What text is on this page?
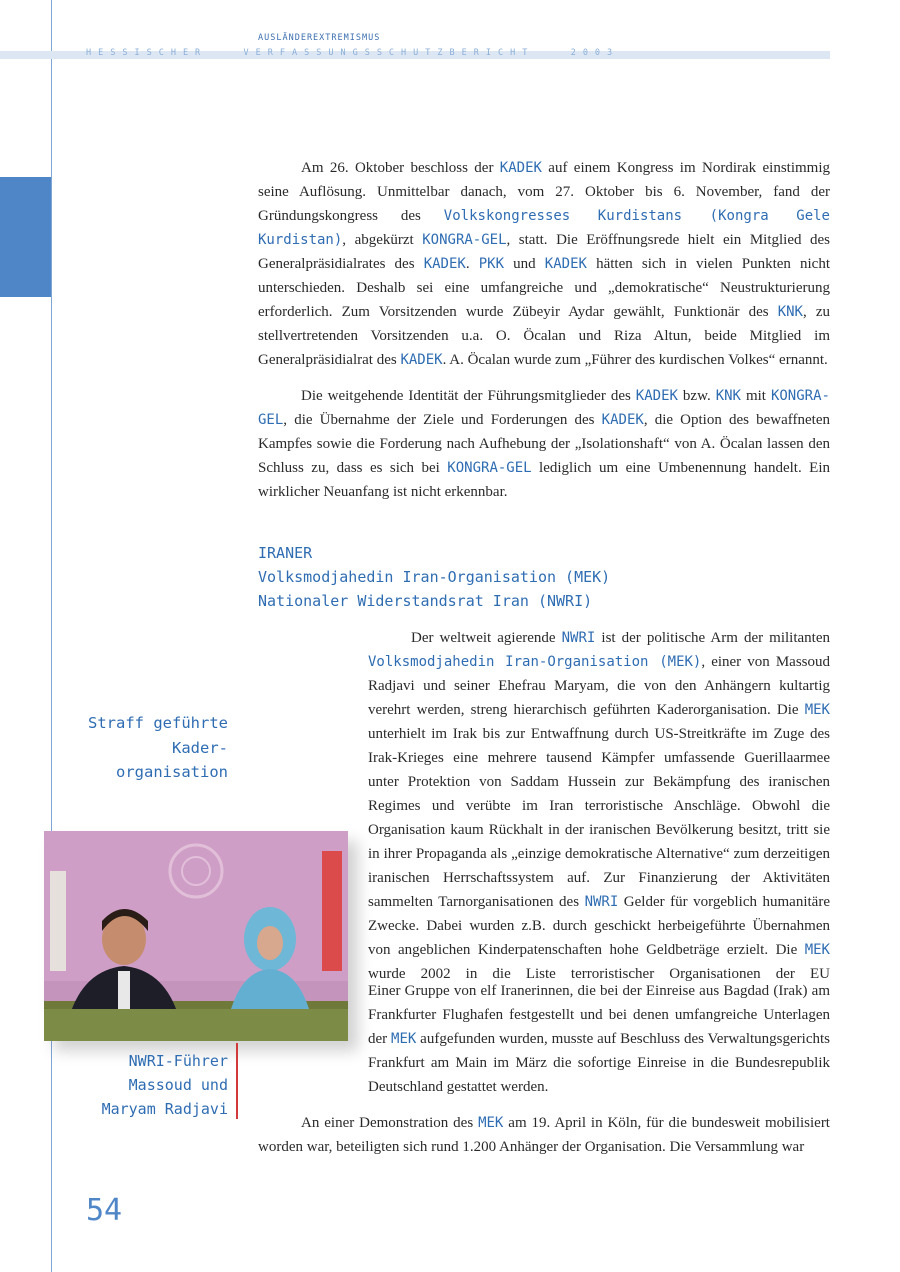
AUSLÄNDEREXTREMISMUS
HESSISCHER   VERFASSUNGSSCHUTZBERICHT   2003

Am 26. Oktober beschloss der KADEK auf einem Kongress im Nordirak einstimmig seine Auflösung. Unmittelbar danach, vom 27. Oktober bis 6. November, fand der Gründungskongress des Volkskongresses Kurdistans (Kongra Gele Kurdistan), abgekürzt KONGRA-GEL, statt. Die Eröffnungsrede hielt ein Mitglied des Generalpräsidialrates des KADEK. PKK und KADEK hätten sich in vielen Punkten nicht unterschieden. Deshalb sei eine umfangreiche und „demokratische“ Neustrukturierung erforderlich. Zum Vorsitzenden wurde Zübeyir Aydar gewählt, Funktionär des KNK, zu stellvertretenden Vorsitzenden u.a. O. Öcalan und Riza Altun, beide Mitglied im Generalpräsidialrat des KADEK. A. Öcalan wurde zum „Führer des kurdischen Volkes“ ernannt.

Die weitgehende Identität der Führungsmitglieder des KADEK bzw. KNK mit KONGRA-GEL, die Übernahme der Ziele und Forderungen des KADEK, die Option des bewaffneten Kampfes sowie die Forderung nach Aufhebung der „Isolationshaft“ von A. Öcalan lassen den Schluss zu, dass es sich bei KONGRA-GEL lediglich um eine Umbenennung handelt. Ein wirklicher Neuanfang ist nicht erkennbar.

IRANER
Volksmodjahedin Iran-Organisation (MEK)
Nationaler Widerstandsrat Iran (NWRI)

Der weltweit agierende NWRI ist der politische Arm der militanten Volksmodjahedin Iran-Organisation (MEK), einer von Massoud Radjavi und seiner Ehefrau Maryam, die von den Anhängern kultartig verehrt werden, streng hierarchisch geführten Kaderorganisation. Die MEK unterhielt im Irak bis zur Entwaffnung durch US-Streitkräfte im Zuge des Irak-Krieges eine mehrere tausend Kämpfer umfassende Guerillaarmee unter Protektion von Saddam Hussein zur Bekämpfung des iranischen Regimes und verübte im Iran terroristische Anschläge. Obwohl die Organisation kaum Rückhalt in der iranischen Bevölkerung besitzt, tritt sie in ihrer Propaganda als „einzige demokratische Alternative“ zum derzeitigen iranischen Herrschaftssystem auf. Zur Finanzierung der Aktivitäten sammelten Tarnorganisationen des NWRI Gelder für vorgeblich humanitäre Zwecke. Dabei wurden z.B. durch geschickt herbeigeführte Übernahmen von angeblichen Kinderpatenschaften hohe Geldbeträge erzielt. Die MEK wurde 2002 in die Liste terroristischer Organisationen der EU

Straff geführte
Kader-
organisation
NWRI-Führer
Massoud und
Maryam Radjavi

Einer Gruppe von elf Iranerinnen, die bei der Einreise aus Bagdad (Irak) am Frankfurter Flughafen festgestellt und bei denen umfangreiche Unterlagen der MEK aufgefunden wurden, musste auf Beschluss des Verwaltungsgerichts Frankfurt am Main im März die sofortige Einreise in die Bundesrepublik Deutschland gestattet werden.

An einer Demonstration des MEK am 19. April in Köln, für die bundesweit mobilisiert worden war, beteiligten sich rund 1.200 Anhänger der Organisation. Die Versammlung war

54
